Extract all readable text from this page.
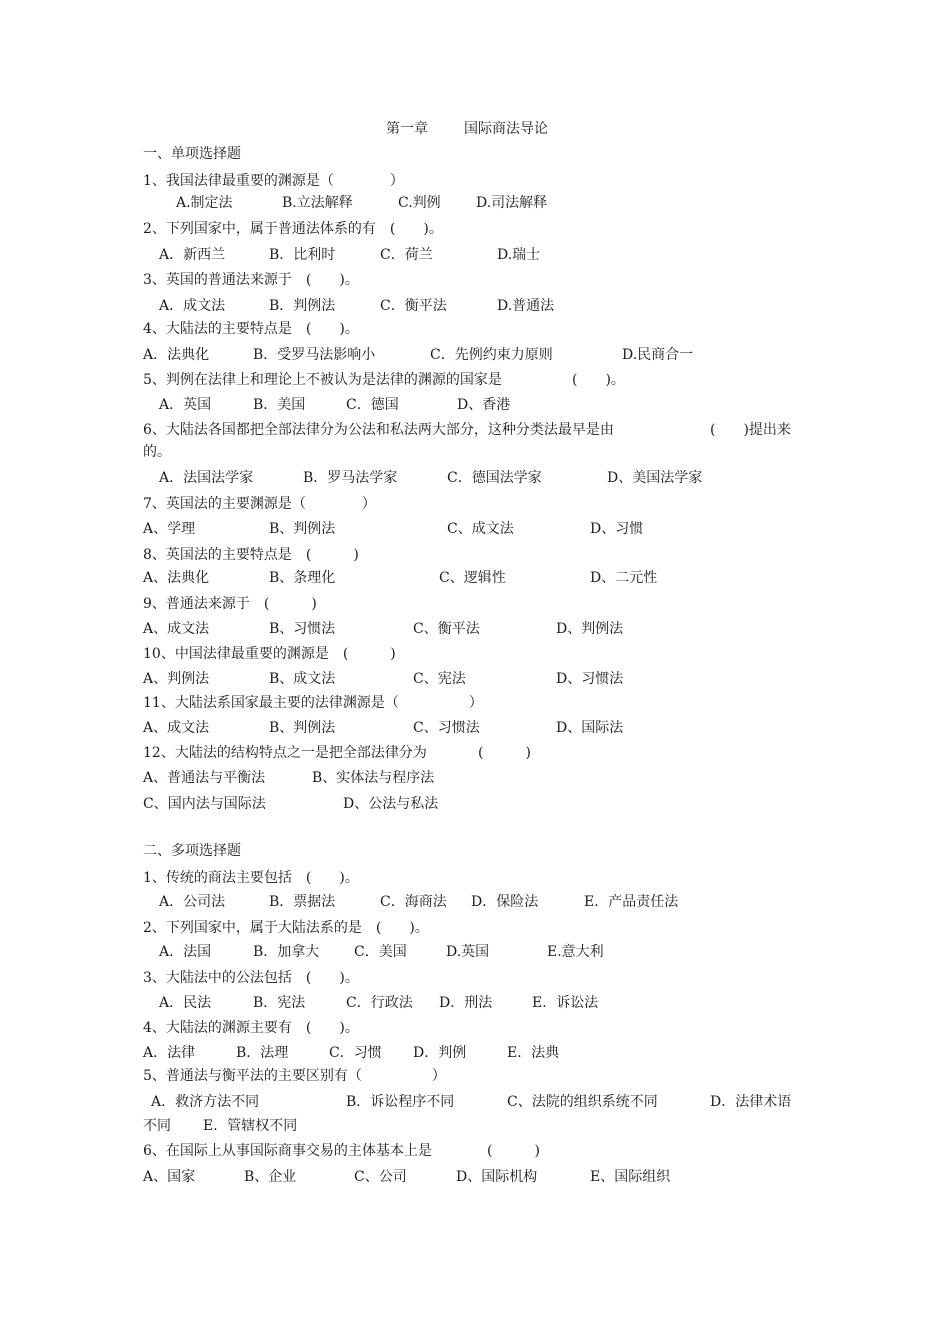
第一章	国际商法导论
一、单项选择题
二、多项选择题
1、我国法律最重要的渊源是（　　　　）
A.制定法	B.立法解释	C.判例	D.司法解释
2、下列国家中，属于普通法体系的有　(　　)。
A．新西兰	B．比利时	C．荷兰	D.瑞士
3、英国的普通法来源于　(　　)。
A．成文法	B．判例法	C．衡平法	D.普通法
4、大陆法的主要特点是　(　　)。
A．法典化	B．受罗马法影响小	C．先例约束力原则	D.民商合一
5、判例在法律上和理论上不被认为是法律的渊源的国家是	(　　)。
A．英国	B．美国	C．德国	D、香港
6、大陆法各国都把全部法律分为公法和私法两大部分，这种分类法最早是由	(　　)提出来
的。
A．法国法学家	B．罗马法学家	C．德国法学家	D、美国法学家
7、英国法的主要渊源是（　　　　）
A、学理	B、判例法	C、成文法	D、习惯
8、英国法的主要特点是　(　　　)
A、法典化	B、条理化	C、逻辑性	D、二元性
9、普通法来源于　(　　　)
A、成文法	B、习惯法	C、衡平法	D、判例法
10、中国法律最重要的渊源是　(　　　)
A、判例法	B、成文法	C、宪法	D、习惯法
11、大陆法系国家最主要的法律渊源是（　　　　　）
A、成文法	B、判例法	C、习惯法	D、国际法
12、大陆法的结构特点之一是把全部法律分为	(　　　)
A、普通法与平衡法	B、实体法与程序法
C、国内法与国际法	D、公法与私法
1、传统的商法主要包括　(　　)。
A．公司法	B．票据法	C．海商法 D．保险法	E．产品责任法
2、下列国家中，属于大陆法系的是　(　　)。
A．法国	B．加拿大 C．美国	D.英国	E.意大利
3、大陆法中的公法包括　(　　)。
A．民法	B．宪法	C．行政法 D．刑法	E．诉讼法
4、大陆法的渊源主要有　(　　)。
A．法律	B．法理	C．习惯 D．判例	E．法典
5、普通法与衡平法的主要区别有（　　　　　）
A．救济方法不同	B．诉讼程序不同	C、法院的组织系统不同	D．法律术语
不同 E．管辖权不同
6、在国际上从事国际商事交易的主体基本上是	(　　　)
A、国家	B、企业	C、公司	D、国际机构	E、国际组织
